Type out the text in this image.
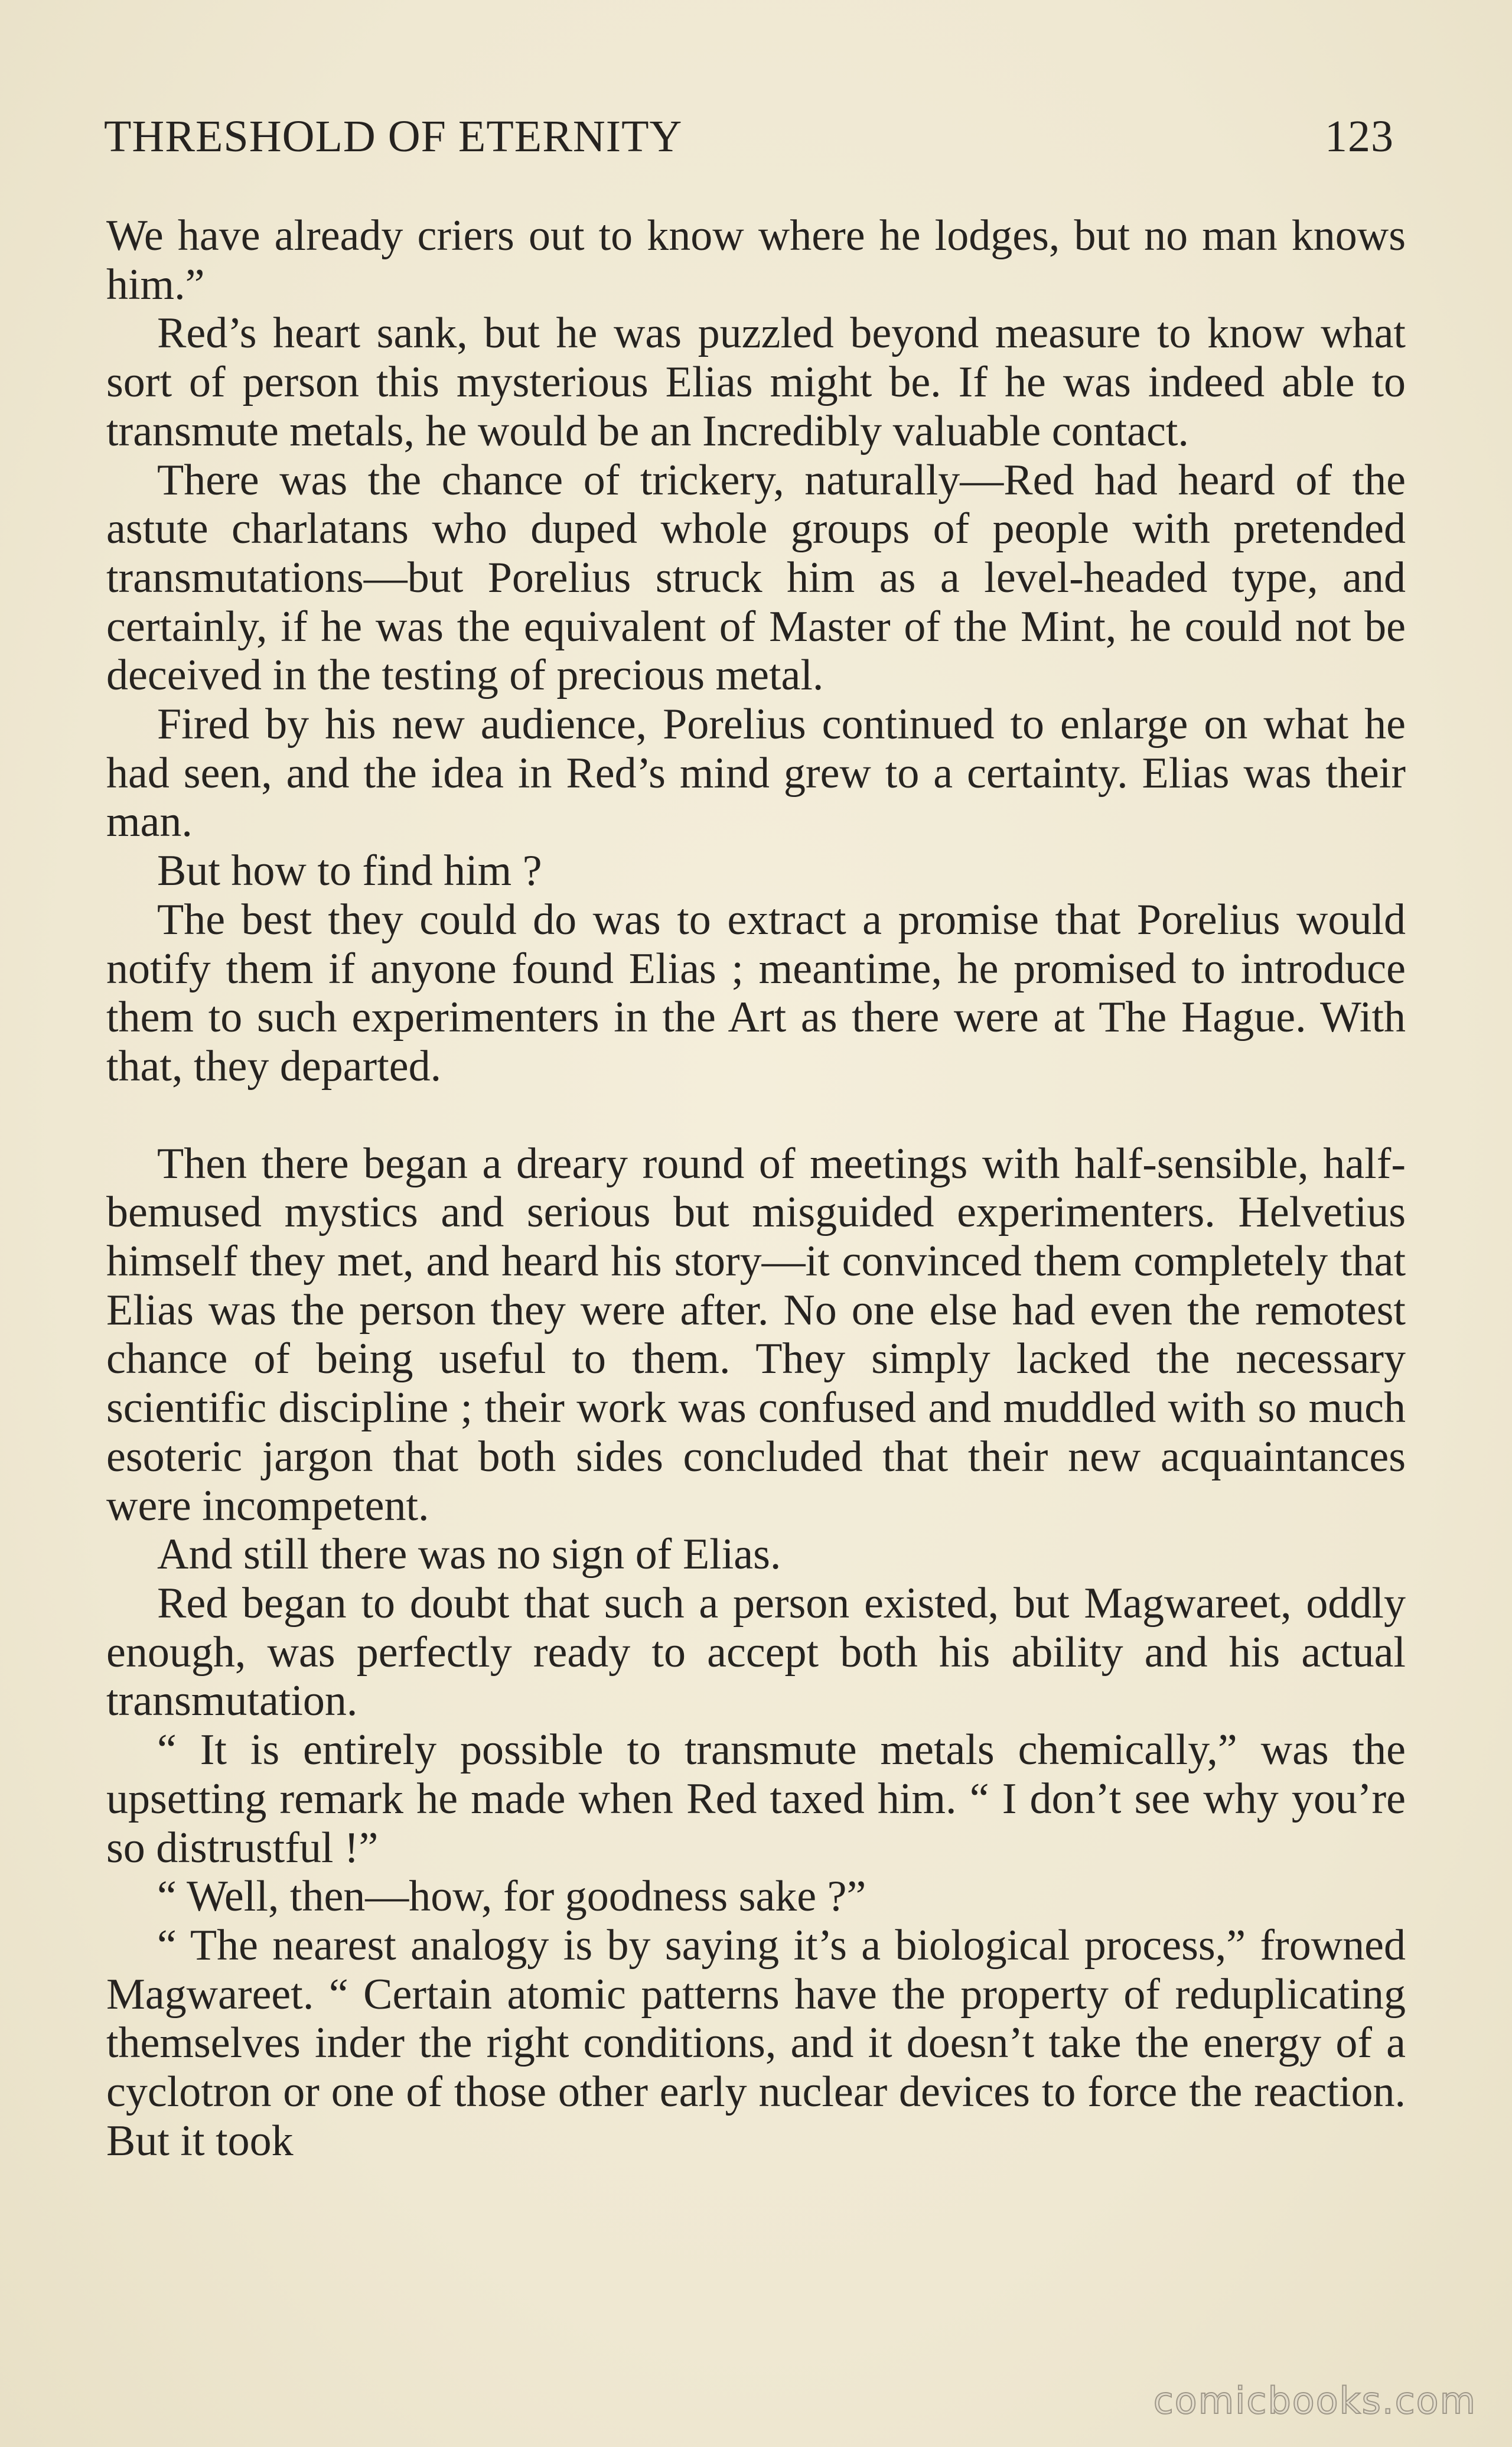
THRESHOLD OF ETERNITY	123

We have already criers out to know where he lodges, but no man knows him.”

Red’s heart sank, but he was puzzled beyond measure to know what sort of person this mysterious Elias might be. If he was indeed able to transmute metals, he would be an Incredibly valuable contact.

There was the chance of trickery, naturally—Red had heard of the astute charlatans who duped whole groups of people with pretended transmutations—but Porelius struck him as a level-headed type, and certainly, if he was the equivalent of Master of the Mint, he could not be deceived in the testing of precious metal.

Fired by his new audience, Porelius continued to enlarge on what he had seen, and the idea in Red’s mind grew to a certainty. Elias was their man.

But how to find him ?

The best they could do was to extract a promise that Porelius would notify them if anyone found Elias ; meantime, he promised to introduce them to such experimenters in the Art as there were at The Hague. With that, they departed.

Then there began a dreary round of meetings with half-sensible, half-bemused mystics and serious but misguided experimenters. Helvetius himself they met, and heard his story—it convinced them completely that Elias was the person they were after. No one else had even the remotest chance of being useful to them. They simply lacked the necessary scientific discipline ; their work was confused and muddled with so much esoteric jargon that both sides concluded that their new acquaintances were incompetent.

And still there was no sign of Elias.

Red began to doubt that such a person existed, but Magwareet, oddly enough, was perfectly ready to accept both his ability and his actual transmutation.

“ It is entirely possible to transmute metals chemically,” was the upsetting remark he made when Red taxed him. “ I don’t see why you’re so distrustful !”

“ Well, then—how, for goodness sake ?”

“ The nearest analogy is by saying it’s a biological process,” frowned Magwareet. “ Certain atomic patterns have the property of reduplicating themselves inder the right conditions, and it doesn’t take the energy of a cyclotron or one of those other early nuclear devices to force the reaction. But it took

comicbooks.com
